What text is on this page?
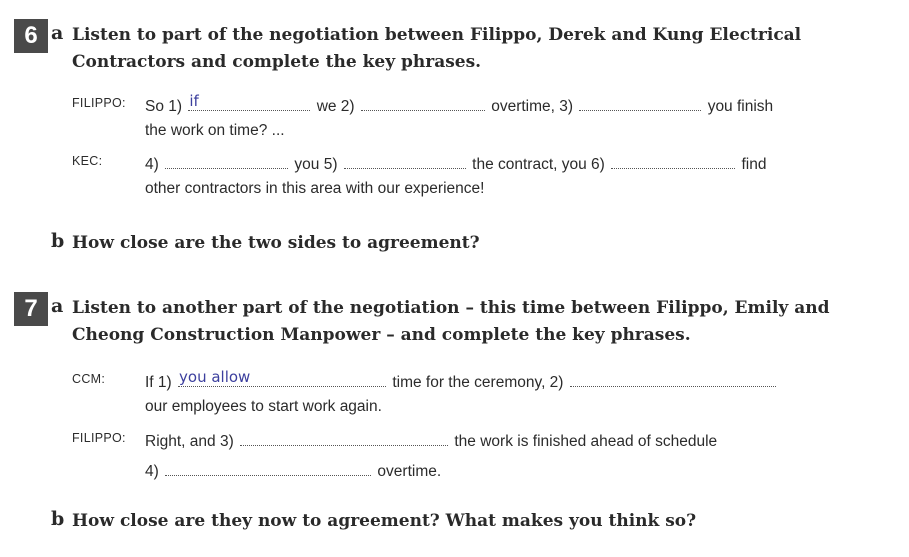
6 a Listen to part of the negotiation between Filippo, Derek and Kung Electrical
Contractors and complete the key phrases.
FILIPPO: So 1) if	we 2)	overtime, 3)	you finish
the work on time? ...
KEC:	4)	you 5)	the contract, you 6)	find
other contractors in this area with our experience!
b How close are the two sides to agreement?
7 a Listen to another part of the negotiation – this time between Filippo, Emily and
Cheong Construction Manpower – and complete the key phrases.
CCM:	If 1) you allow	time for the ceremony, 2)
our employees to start work again.
FILIPPO: Right, and 3)	the work is finished ahead of schedule
4)	overtime.
b How close are they now to agreement? What makes you think so?
